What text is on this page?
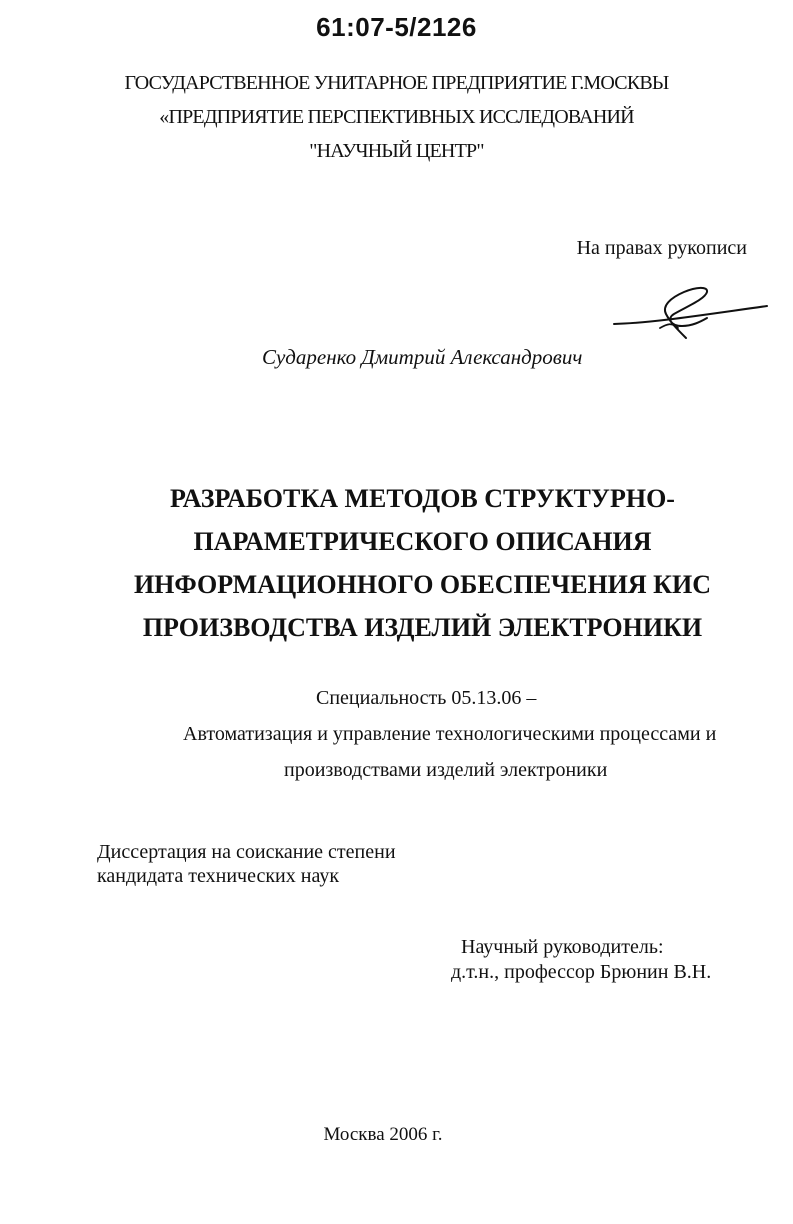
61:07-5/2126
ГОСУДАРСТВЕННОЕ УНИТАРНОЕ ПРЕДПРИЯТИЕ Г.МОСКВЫ
«ПРЕДПРИЯТИЕ ПЕРСПЕКТИВНЫХ ИССЛЕДОВАНИЙ
"НАУЧНЫЙ ЦЕНТР"
На правах рукописи
Сударенко Дмитрий Александрович
РАЗРАБОТКА МЕТОДОВ СТРУКТУРНО-
ПАРАМЕТРИЧЕСКОГО ОПИСАНИЯ
ИНФОРМАЦИОННОГО ОБЕСПЕЧЕНИЯ КИС
ПРОИЗВОДСТВА ИЗДЕЛИЙ ЭЛЕКТРОНИКИ
Специальность 05.13.06 –
Автоматизация и управление технологическими процессами и
производствами изделий электроники
Диссертация на соискание степени
кандидата технических наук
Научный руководитель:
д.т.н., профессор Брюнин В.Н.
Москва 2006 г.
